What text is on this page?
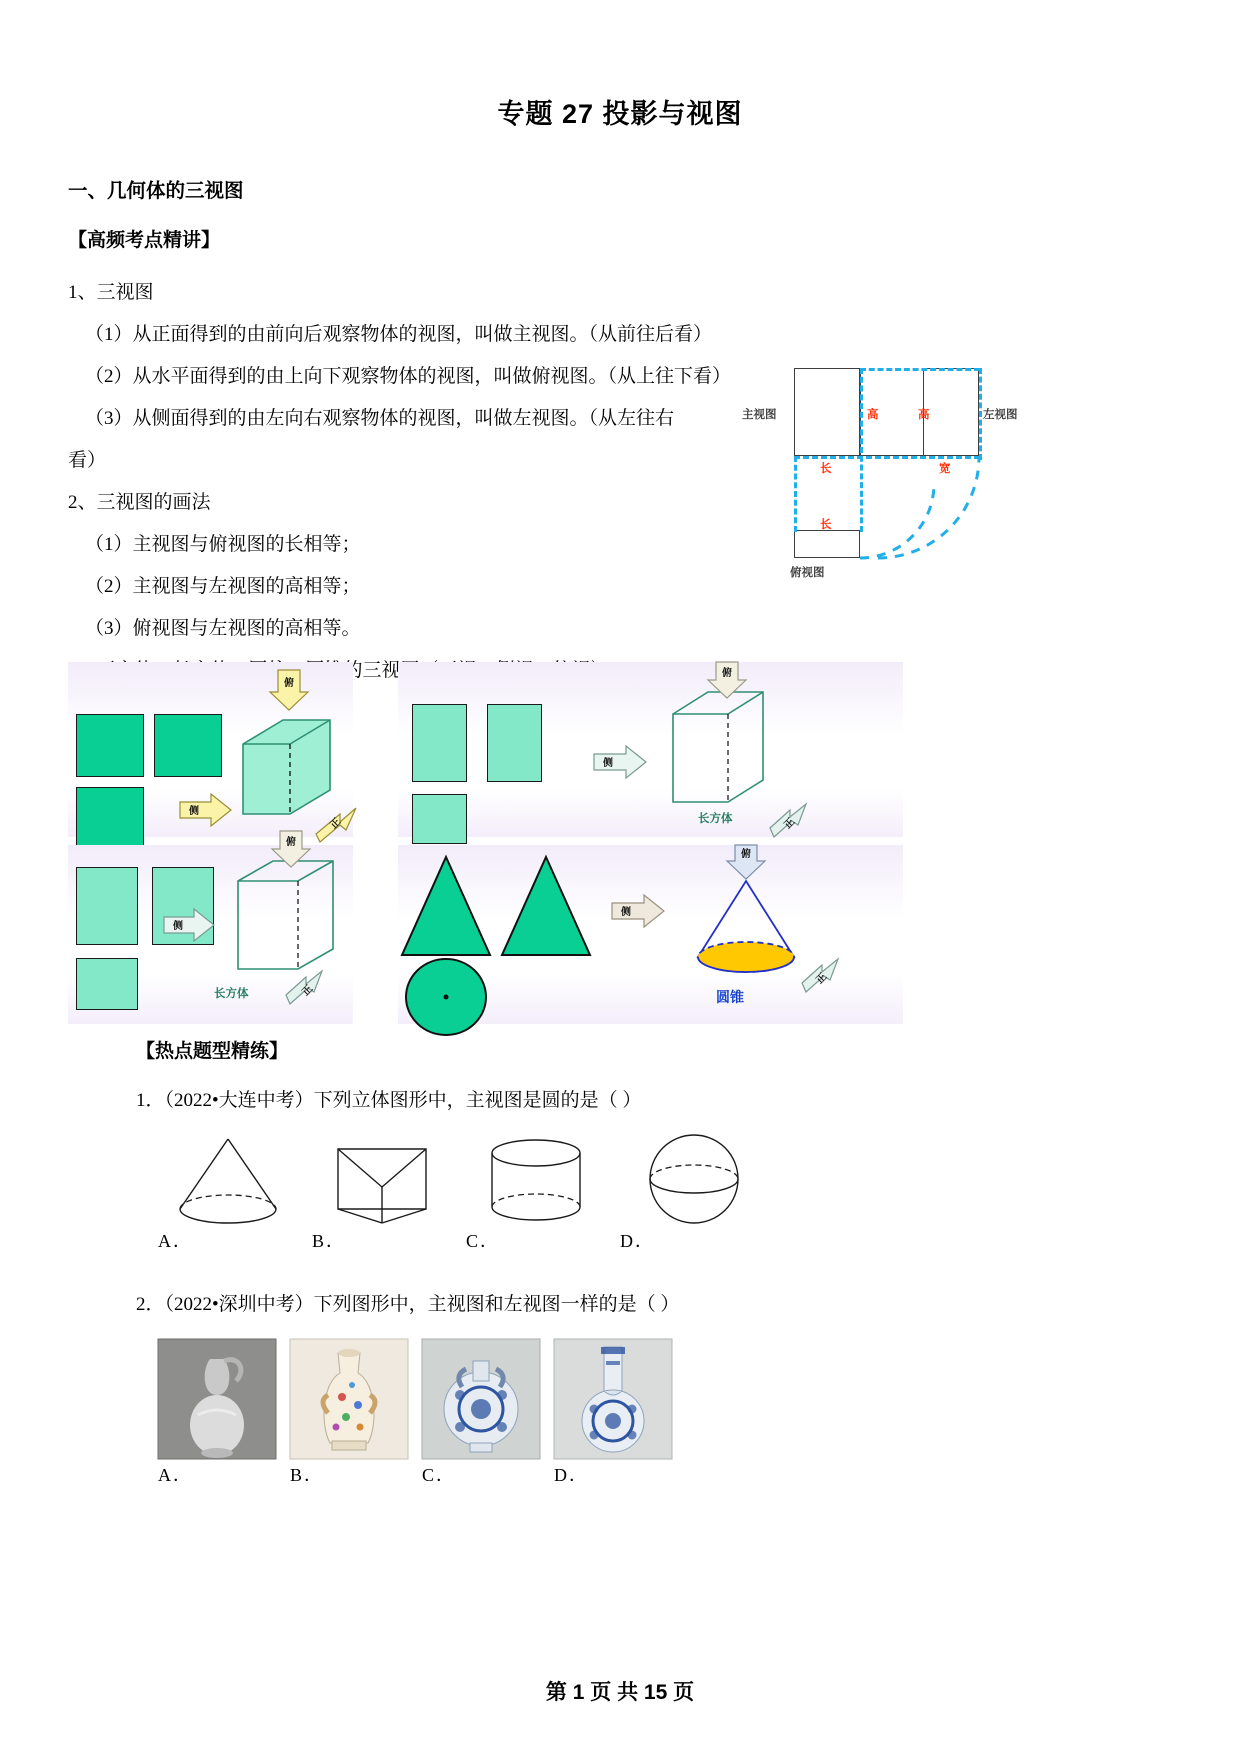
专题 27 投影与视图
一、几何体的三视图
【高频考点精讲】
1、三视图
（1）从正面得到的由前向后观察物体的视图，叫做主视图。（从前往后看）
（2）从水平面得到的由上向下观察物体的视图，叫做俯视图。（从上往下看）
（3）从侧面得到的由左向右观察物体的视图，叫做左视图。（从左往右
看）
2、三视图的画法
（1）主视图与俯视图的长相等；
（2）主视图与左视图的高相等；
（3）俯视图与左视图的高相等。
主视图	左视图
俯视图
高	高
长
长
宽
俯
侧
正
俯
侧
长方体	正
俯
侧
长方体	正
俯
侧
圆锥
正
【热点题型精练】
1．（2022•大连中考）下列立体图形中，主视图是圆的是（ ）
A．	B．	C．	D．
2．（2022•深圳中考）下列图形中，主视图和左视图一样的是（ ）
A．	B．	C．	D．
第 1 页 共 15 页
